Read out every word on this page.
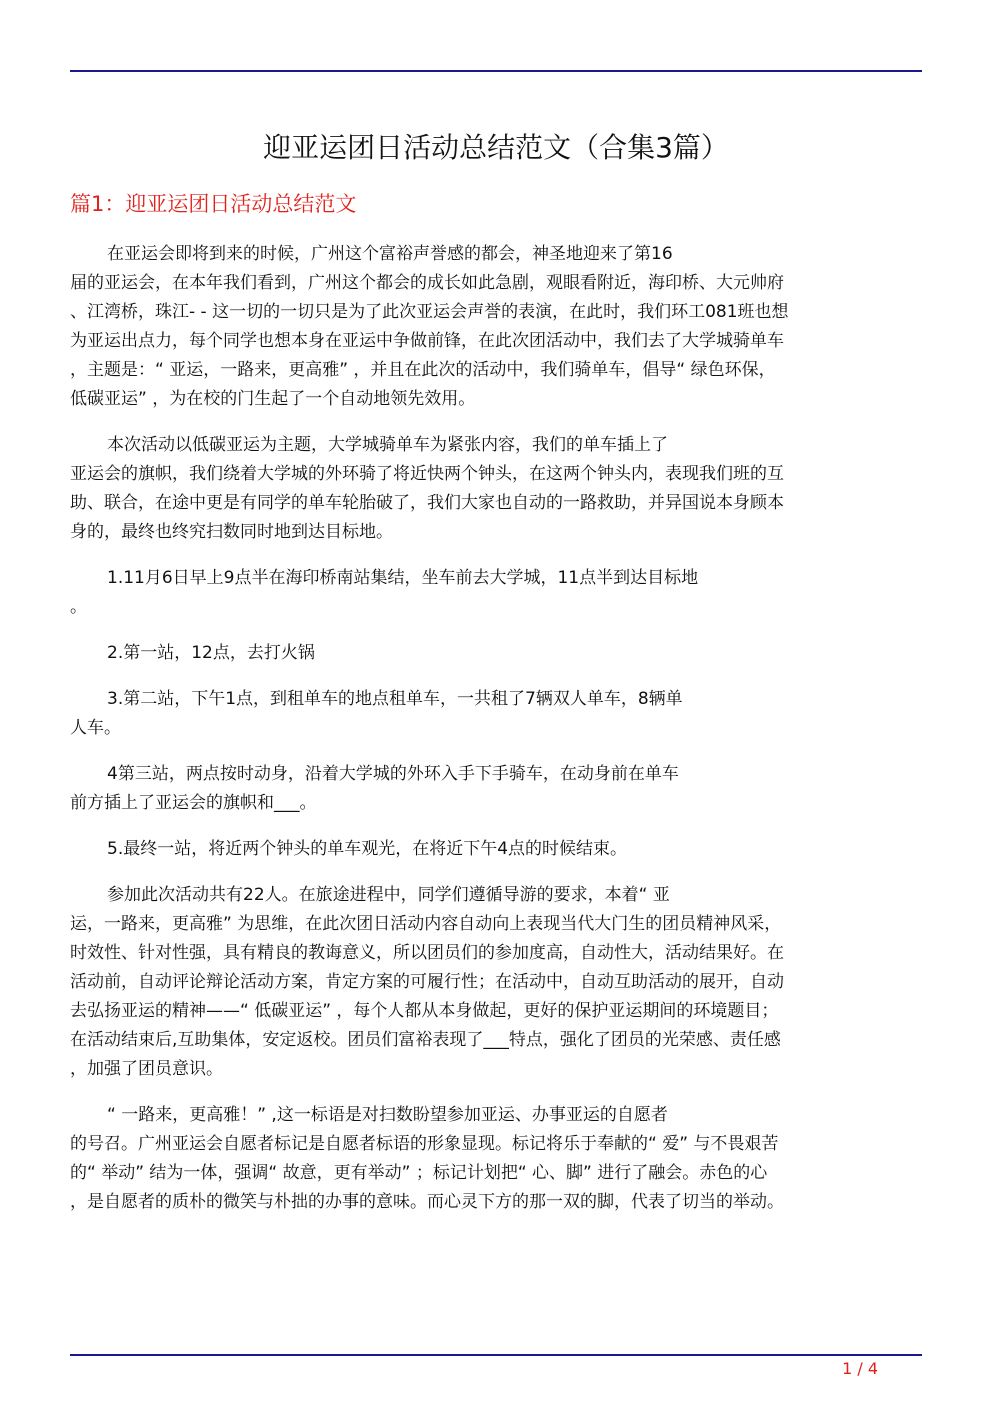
迎亚运团日活动总结范文（合集3篇）
篇1：迎亚运团日活动总结范文

在亚运会即将到来的时候，广州这个富裕声誉感的都会，神圣地迎来了第16
届的亚运会，在本年我们看到，广州这个都会的成长如此急剧，观眼看附近，海印桥、大元帅府
、江湾桥，珠江- - 这一切的一切只是为了此次亚运会声誉的表演，在此时，我们环工081班也想
为亚运出点力，每个同学也想本身在亚运中争做前锋，在此次团活动中，我们去了大学城骑单车
，主题是：“ 亚运，一路来，更高雅” ，并且在此次的活动中，我们骑单车，倡导“ 绿色环保，
低碳亚运” ，为在校的门生起了一个自动地领先效用。

本次活动以低碳亚运为主题，大学城骑单车为紧张内容，我们的单车插上了
亚运会的旗帜，我们绕着大学城的外环骑了将近快两个钟头，在这两个钟头内，表现我们班的互
助、联合，在途中更是有同学的单车轮胎破了，我们大家也自动的一路救助，并异国说本身顾本
身的，最终也终究扫数同时地到达目标地。

1.11月6日早上9点半在海印桥南站集结，坐车前去大学城，11点半到达目标地
。

2.第一站，12点，去打火锅

3.第二站，下午1点，到租单车的地点租单车，一共租了7辆双人单车，8辆单
人车。

4第三站，两点按时动身，沿着大学城的外环入手下手骑车，在动身前在单车
前方插上了亚运会的旗帜和___。

5.最终一站，将近两个钟头的单车观光，在将近下午4点的时候结束。

参加此次活动共有22人。在旅途进程中，同学们遵循导游的要求，本着“ 亚
运，一路来，更高雅” 为思维，在此次团日活动内容自动向上表现当代大门生的团员精神风采，
时效性、针对性强，具有精良的教诲意义，所以团员们的参加度高，自动性大，活动结果好。在
活动前，自动评论辩论活动方案，肯定方案的可履行性；在活动中，自动互助活动的展开，自动
去弘扬亚运的精神——“ 低碳亚运” ，每个人都从本身做起，更好的保护亚运期间的环境题目；
在活动结束后,互助集体，安定返校。团员们富裕表现了___特点，强化了团员的光荣感、责任感
，加强了团员意识。

“ 一路来，更高雅！” ,这一标语是对扫数盼望参加亚运、办事亚运的自愿者
的号召。广州亚运会自愿者标记是自愿者标语的形象显现。标记将乐于奉献的“ 爱” 与不畏艰苦
的“ 举动” 结为一体，强调“ 故意，更有举动” ；标记计划把“ 心、脚” 进行了融会。赤色的心
，是自愿者的质朴的微笑与朴拙的办事的意味。而心灵下方的那一双的脚，代表了切当的举动。

1 / 4
